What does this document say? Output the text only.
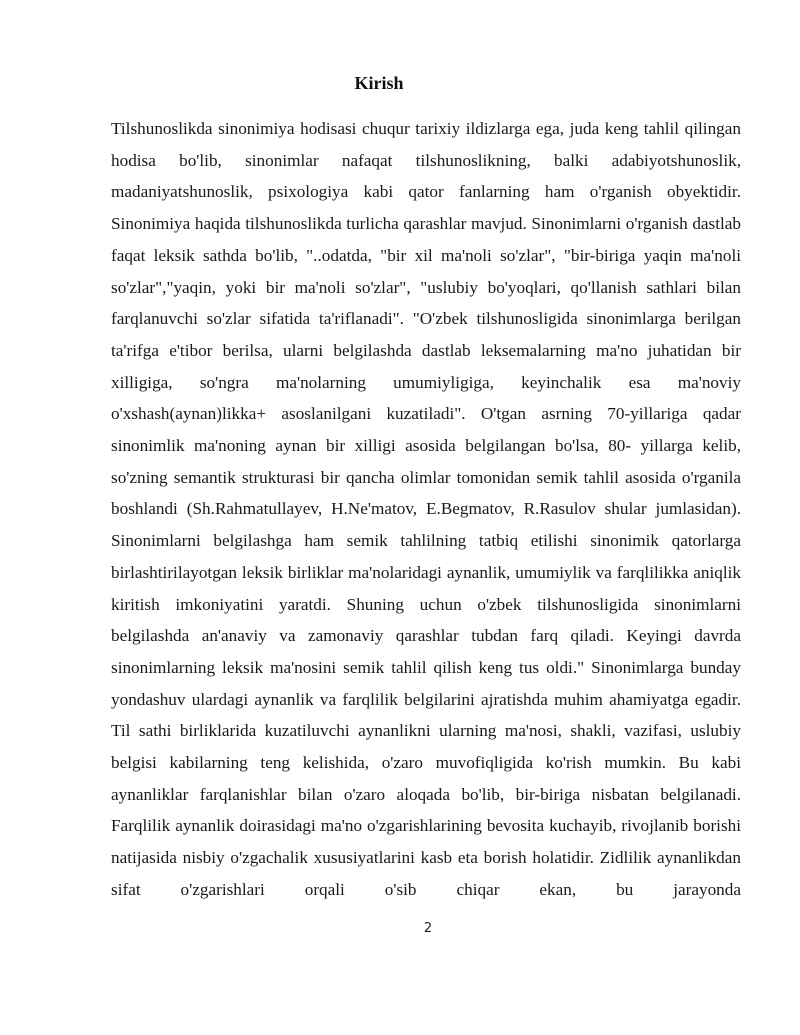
Kirish

Tilshunoslikda sinonimiya hodisasi chuqur tarixiy ildizlarga ega, juda keng tahlil qilingan hodisa bo'lib, sinonimlar nafaqat tilshunoslikning, balki adabiyotshunoslik, madaniyatshunoslik, psixologiya kabi qator fanlarning ham o'rganish obyektidir. Sinonimiya haqida tilshunoslikda turlicha qarashlar mavjud. Sinonimlarni o'rganish dastlab faqat leksik sathda bo'lib, "..odatda, "bir xil ma'noli so'zlar", "bir-biriga yaqin ma'noli so'zlar","yaqin, yoki bir ma'noli so'zlar", "uslubiy bo'yoqlari, qo'llanish sathlari bilan farqlanuvchi so'zlar sifatida ta'riflanadi". "O'zbek tilshunosligida sinonimlarga berilgan ta'rifga e'tibor berilsa, ularni belgilashda dastlab leksemalarning ma'no juhatidan bir xilligiga, so'ngra ma'nolarning umumiyligiga, keyinchalik esa ma'noviy o'xshash(aynan)likka+ asoslanilgani kuzatiladi". O'tgan asrning 70-yillariga qadar sinonimlik ma'noning aynan bir xilligi asosida belgilangan bo'lsa, 80- yillarga kelib, so'zning semantik strukturasi bir qancha olimlar tomonidan semik tahlil asosida o'rganila boshlandi (Sh.Rahmatullayev, H.Ne'matov, E.Begmatov, R.Rasulov shular jumlasidan). Sinonimlarni belgilashga ham semik tahlilning tatbiq etilishi sinonimik qatorlarga birlashtirilayotgan leksik birliklar ma'nolaridagi aynanlik, umumiylik va farqlilikka aniqlik kiritish imkoniyatini yaratdi. Shuning uchun o'zbek tilshunosligida sinonimlarni belgilashda an'anaviy va zamonaviy qarashlar tubdan farq qiladi. Keyingi davrda sinonimlarning leksik ma'nosini semik tahlil qilish keng tus oldi." Sinonimlarga bunday yondashuv ulardagi aynanlik va farqlilik belgilarini ajratishda muhim ahamiyatga egadir. Til sathi birliklarida kuzatiluvchi aynanlikni ularning ma'nosi, shakli, vazifasi, uslubiy belgisi kabilarning teng kelishida, o'zaro muvofiqligida ko'rish mumkin. Bu kabi aynanliklar farqlanishlar bilan o'zaro aloqada bo'lib, bir-biriga nisbatan belgilanadi. Farqlilik aynanlik doirasidagi ma'no o'zgarishlarining bevosita kuchayib, rivojlanib borishi natijasida nisbiy o'zgachalik xususiyatlarini kasb eta borish holatidir. Zidlilik aynanlikdan sifat o'zgarishlari orqali o'sib chiqar ekan, bu jarayonda

2
